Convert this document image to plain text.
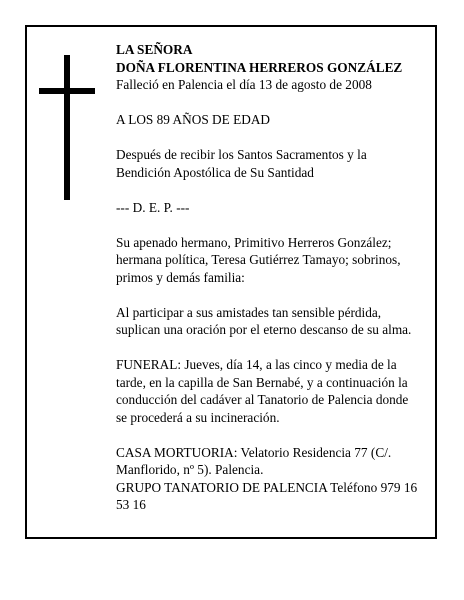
LA SEÑORA

DOÑA FLORENTINA HERREROS GONZÁLEZ

Falleció en Palencia el día 13 de agosto de 2008

A LOS 89 AÑOS DE EDAD

Después de recibir los Santos Sacramentos y la Bendición Apostólica de Su Santidad

--- D. E. P. ---

Su apenado hermano, Primitivo Herreros González; hermana política, Teresa Gutiérrez Tamayo; sobrinos, primos y demás familia:

Al participar a sus amistades tan sensible pérdida, suplican una oración por el eterno descanso de su alma.

FUNERAL: Jueves, día 14, a las cinco y media de la tarde, en la capilla de San Bernabé, y a continuación la conducción del cadáver al Tanatorio de Palencia donde se procederá a su incineración.

CASA MORTUORIA: Velatorio Residencia 77 (C/. Manflorido, nº 5). Palencia.

GRUPO TANATORIO DE PALENCIA Teléfono 979 16 53 16
